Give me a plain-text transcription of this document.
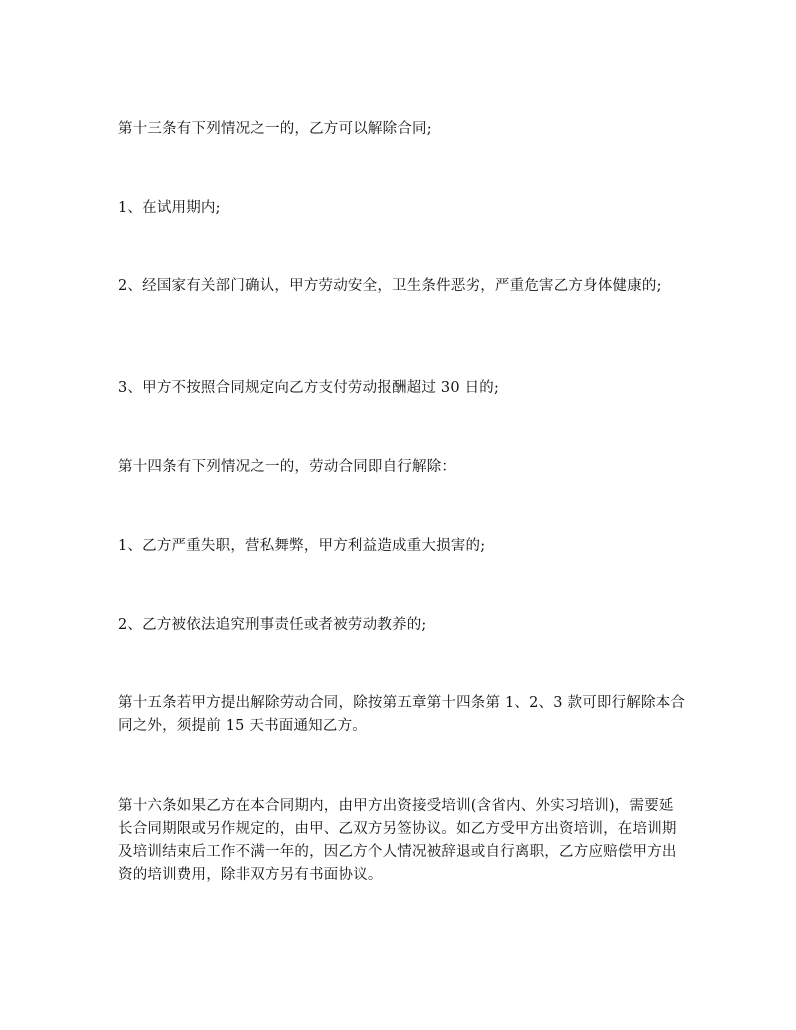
第十三条有下列情况之一的，乙方可以解除合同;

1、在试用期内;

2、经国家有关部门确认，甲方劳动安全，卫生条件恶劣，严重危害乙方身体健康的;

3、甲方不按照合同规定向乙方支付劳动报酬超过 30 日的;

第十四条有下列情况之一的，劳动合同即自行解除：

1、乙方严重失职，营私舞弊，甲方利益造成重大损害的;

2、乙方被依法追究刑事责任或者被劳动教养的;

第十五条若甲方提出解除劳动合同，除按第五章第十四条第 1、2、3 款可即行解除本合同之外，须提前 15 天书面通知乙方。

第十六条如果乙方在本合同期内，由甲方出资接受培训(含省内、外实习培训)，需要延长合同期限或另作规定的，由甲、乙双方另签协议。如乙方受甲方出资培训，在培训期及培训结束后工作不满一年的，因乙方个人情况被辞退或自行离职，乙方应赔偿甲方出资的培训费用，除非双方另有书面协议。
